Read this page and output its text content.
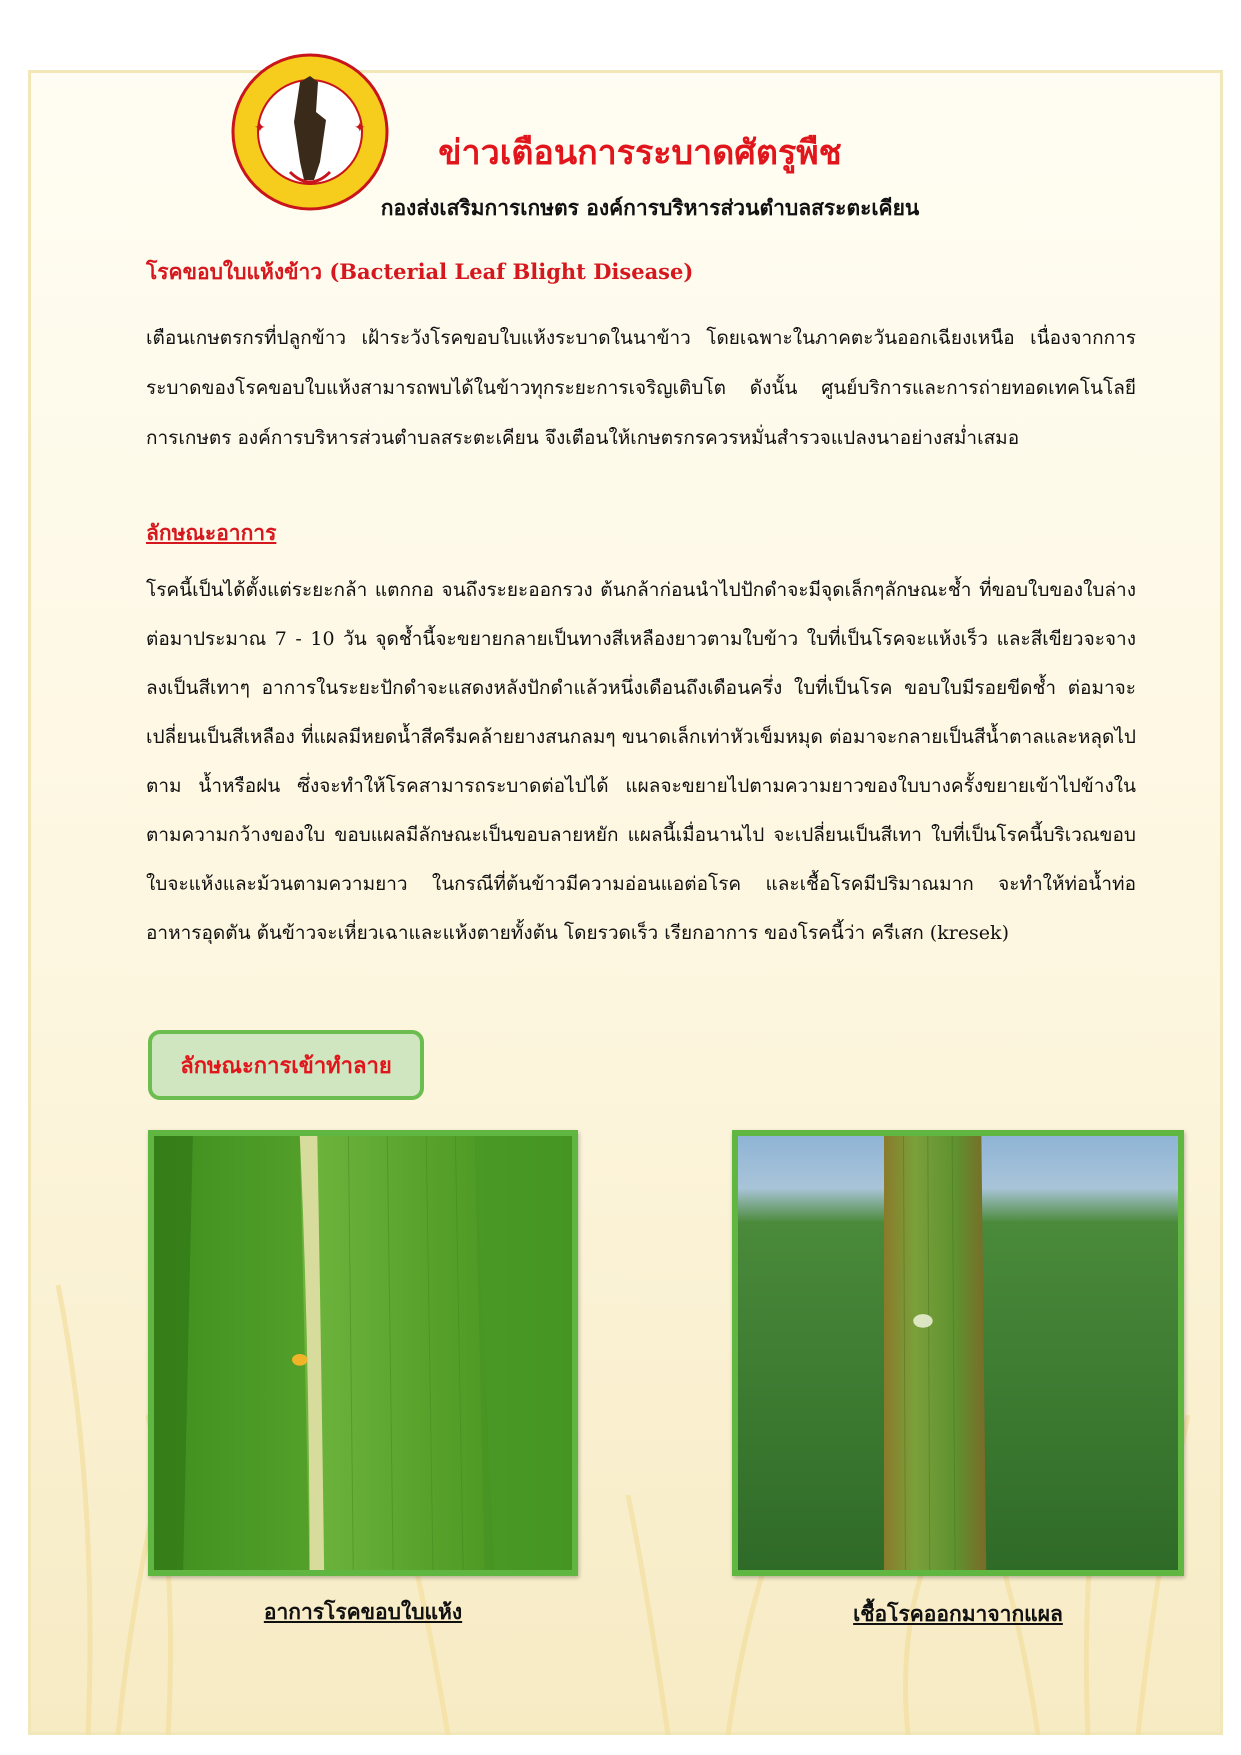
✦	✦
ข่าวเตือนการระบาดศัตรูพืช
กองส่งเสริมการเกษตร องค์การบริหารส่วนตำบลสระตะเคียน
โรคขอบใบแห้งข้าว (Bacterial Leaf Blight Disease)

เตือนเกษตรกรที่ปลูกข้าว เฝ้าระวังโรคขอบใบแห้งระบาดในนาข้าว โดยเฉพาะในภาคตะวันออกเฉียงเหนือ เนื่องจากการระบาดของโรคขอบใบแห้งสามารถพบได้ในข้าวทุกระยะการเจริญเติบโต ดังนั้น ศูนย์บริการและการถ่ายทอดเทคโนโลยีการเกษตร องค์การบริหารส่วนตำบลสระตะเคียน จึงเตือนให้เกษตรกรควรหมั่นสำรวจแปลงนาอย่างสม่ำเสมอ

ลักษณะอาการ

โรคนี้เป็นได้ตั้งแต่ระยะกล้า แตกกอ จนถึงระยะออกรวง ต้นกล้าก่อนนำไปปักดำจะมีจุดเล็กๆลักษณะช้ำ ที่ขอบใบของใบล่าง ต่อมาประมาณ 7 - 10 วัน จุดช้ำนี้จะขยายกลายเป็นทางสีเหลืองยาวตามใบข้าว ใบที่เป็นโรคจะแห้งเร็ว และสีเขียวจะจางลงเป็นสีเทาๆ อาการในระยะปักดำจะแสดงหลังปักดำแล้วหนึ่งเดือนถึงเดือนครึ่ง ใบที่เป็นโรค ขอบใบมีรอยขีดช้ำ ต่อมาจะเปลี่ยนเป็นสีเหลือง ที่แผลมีหยดน้ำสีครีมคล้ายยางสนกลมๆ ขนาดเล็กเท่าหัวเข็มหมุด ต่อมาจะกลายเป็นสีน้ำตาลและหลุดไปตาม น้ำหรือฝน ซึ่งจะทำให้โรคสามารถระบาดต่อไปได้ แผลจะขยายไปตามความยาวของใบบางครั้งขยายเข้าไปข้างในตามความกว้างของใบ ขอบแผลมีลักษณะเป็นขอบลายหยัก แผลนี้เมื่อนานไป จะเปลี่ยนเป็นสีเทา ใบที่เป็นโรคนี้บริเวณขอบใบจะแห้งและม้วนตามความยาว ในกรณีที่ต้นข้าวมีความอ่อนแอต่อโรค และเชื้อโรคมีปริมาณมาก จะทำให้ท่อน้ำท่ออาหารอุดตัน ต้นข้าวจะเหี่ยวเฉาและแห้งตายทั้งต้น โดยรวดเร็ว เรียกอาการ ของโรคนี้ว่า ครีเสก (kresek)

ลักษณะการเข้าทำลาย

อาการโรคขอบใบแห้ง	เชื้อโรคออกมาจากแผล
